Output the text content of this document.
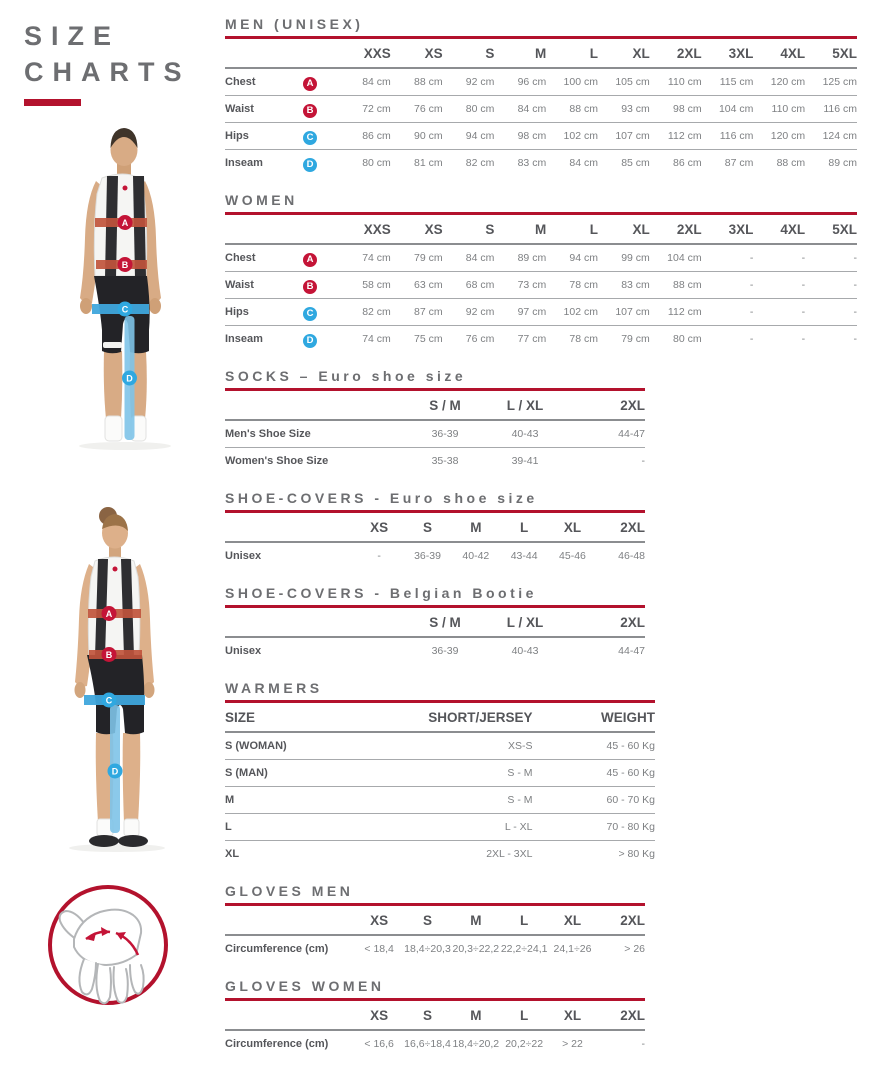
SIZE
CHARTS
A
B
C
D
A
B
C
D
MEN (UNISEX)
		XXS	XS	S	M	L	XL	2XL	3XL	4XL	5XL
Chest	A	84 cm	88 cm	92 cm	96 cm	100 cm	105 cm	110 cm	115 cm	120 cm	125 cm
Waist	B	72 cm	76 cm	80 cm	84 cm	88 cm	93 cm	98 cm	104 cm	110 cm	116 cm
Hips	C	86 cm	90 cm	94 cm	98 cm	102 cm	107 cm	112 cm	116 cm	120 cm	124 cm
Inseam	D	80 cm	81 cm	82 cm	83 cm	84 cm	85 cm	86 cm	87 cm	88 cm	89 cm
WOMEN
		XXS	XS	S	M	L	XL	2XL	3XL	4XL	5XL
Chest	A	74 cm	79 cm	84 cm	89 cm	94 cm	99 cm	104 cm	-	-	-
Waist	B	58 cm	63 cm	68 cm	73 cm	78 cm	83 cm	88 cm	-	-	-
Hips	C	82 cm	87 cm	92 cm	97 cm	102 cm	107 cm	112 cm	-	-	-
Inseam	D	74 cm	75 cm	76 cm	77 cm	78 cm	79 cm	80 cm	-	-	-
SOCKS – Euro shoe size
	S / M	L / XL	2XL
Men's Shoe Size	36-39	40-43	44-47
Women's Shoe Size	35-38	39-41	-
SHOE-COVERS - Euro shoe size
	XS	S	M	L	XL	2XL
Unisex	-	36-39	40-42	43-44	45-46	46-48
SHOE-COVERS - Belgian Bootie
	S / M	L / XL	2XL
Unisex	36-39	40-43	44-47
WARMERS
SIZE	SHORT/JERSEY	WEIGHT
S (WOMAN)	XS-S	45 - 60 Kg
S (MAN)	S - M	45 - 60 Kg
M	S - M	60 - 70 Kg
L	L - XL	70 - 80 Kg
XL	2XL - 3XL	> 80 Kg
GLOVES MEN
	XS	S	M	L	XL	2XL
Circumference (cm)	< 18,4	18,4÷20,3	20,3÷22,2	22,2÷24,1	24,1÷26	> 26
GLOVES WOMEN
	XS	S	M	L	XL	2XL
Circumference (cm)	< 16,6	16,6÷18,4	18,4÷20,2	20,2÷22	> 22	-
